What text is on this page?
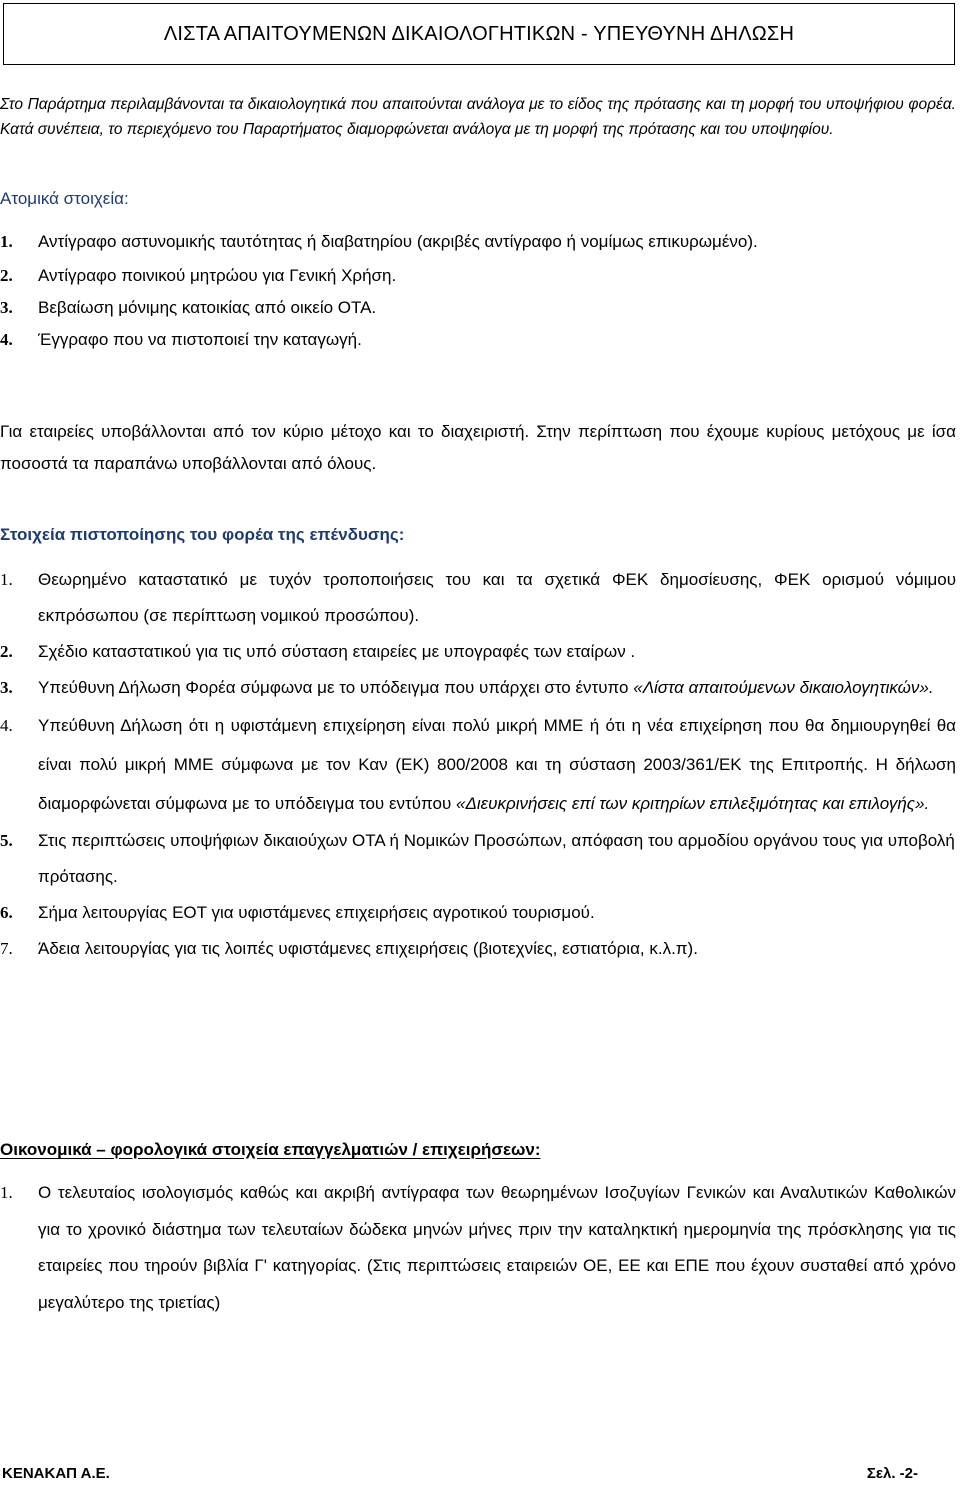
ΛΙΣΤΑ ΑΠΑΙΤΟΥΜΕΝΩΝ ΔΙΚΑΙΟΛΟΓΗΤΙΚΩΝ - ΥΠΕΥΘΥΝΗ ΔΗΛΩΣΗ

Στο Παράρτημα περιλαμβάνονται τα δικαιολογητικά που απαιτούνται ανάλογα με το είδος της πρότασης και τη μορφή του υποψήφιου φορέα. Κατά συνέπεια, το περιεχόμενο του Παραρτήματος διαμορφώνεται ανάλογα με τη μορφή της πρότασης και του υποψηφίου.

Ατομικά στοιχεία:
1.	Αντίγραφο αστυνομικής ταυτότητας ή διαβατηρίου (ακριβές αντίγραφο ή νομίμως επικυρωμένο).
2.	Αντίγραφο ποινικού μητρώου για Γενική Χρήση.
3.	Βεβαίωση μόνιμης κατοικίας από οικείο ΟΤΑ.
4.	Έγγραφο που να πιστοποιεί την καταγωγή.
Για εταιρείες υποβάλλονται από τον κύριο μέτοχο και το διαχειριστή. Στην περίπτωση που έχουμε κυρίους μετόχους με ίσα ποσοστά τα παραπάνω υποβάλλονται από όλους.
Στοιχεία πιστοποίησης του φορέα της επένδυσης:
1.	Θεωρημένο καταστατικό με τυχόν τροποποιήσεις του και τα σχετικά ΦΕΚ δημοσίευσης, ΦΕΚ ορισμού νόμιμου εκπρόσωπου (σε περίπτωση νομικού προσώπου).
2.	Σχέδιο καταστατικού για τις υπό σύσταση εταιρείες με υπογραφές των εταίρων .
3.	Υπεύθυνη Δήλωση Φορέα σύμφωνα με το υπόδειγμα που υπάρχει στο έντυπο «Λίστα απαιτούμενων δικαιολογητικών».
4.	Υπεύθυνη Δήλωση ότι η υφιστάμενη επιχείρηση είναι πολύ μικρή ΜΜΕ ή ότι η νέα επιχείρηση που θα δημιουργηθεί θα είναι πολύ μικρή ΜΜΕ σύμφωνα με τον Καν (ΕΚ) 800/2008 και τη σύσταση 2003/361/ΕΚ της Επιτροπής. Η δήλωση διαμορφώνεται σύμφωνα με το υπόδειγμα του εντύπου «Διευκρινήσεις επί των κριτηρίων επιλεξιμότητας και επιλογής».
5.	Στις περιπτώσεις υποψήφιων δικαιούχων ΟΤΑ ή Νομικών Προσώπων, απόφαση του αρμοδίου οργάνου τους για υποβολή πρότασης.
6.	Σήμα λειτουργίας ΕΟΤ για υφιστάμενες επιχειρήσεις αγροτικού τουρισμού.
7.	Άδεια λειτουργίας για τις λοιπές υφιστάμενες επιχειρήσεις (βιοτεχνίες, εστιατόρια, κ.λ.π).
Οικονομικά – φορολογικά στοιχεία επαγγελματιών / επιχειρήσεων:
1.	Ο τελευταίος ισολογισμός καθώς και ακριβή αντίγραφα των θεωρημένων Ισοζυγίων Γενικών και Αναλυτικών Καθολικών για το χρονικό διάστημα των τελευταίων δώδεκα μηνών μήνες πριν την καταληκτική ημερομηνία της πρόσκλησης για τις εταιρείες που τηρούν βιβλία Γ' κατηγορίας. (Στις περιπτώσεις εταιρειών ΟΕ, ΕΕ και ΕΠΕ που έχουν συσταθεί από χρόνο μεγαλύτερο της τριετίας)
ΚΕΝΑΚΑΠ Α.Ε.	Σελ. -2-
